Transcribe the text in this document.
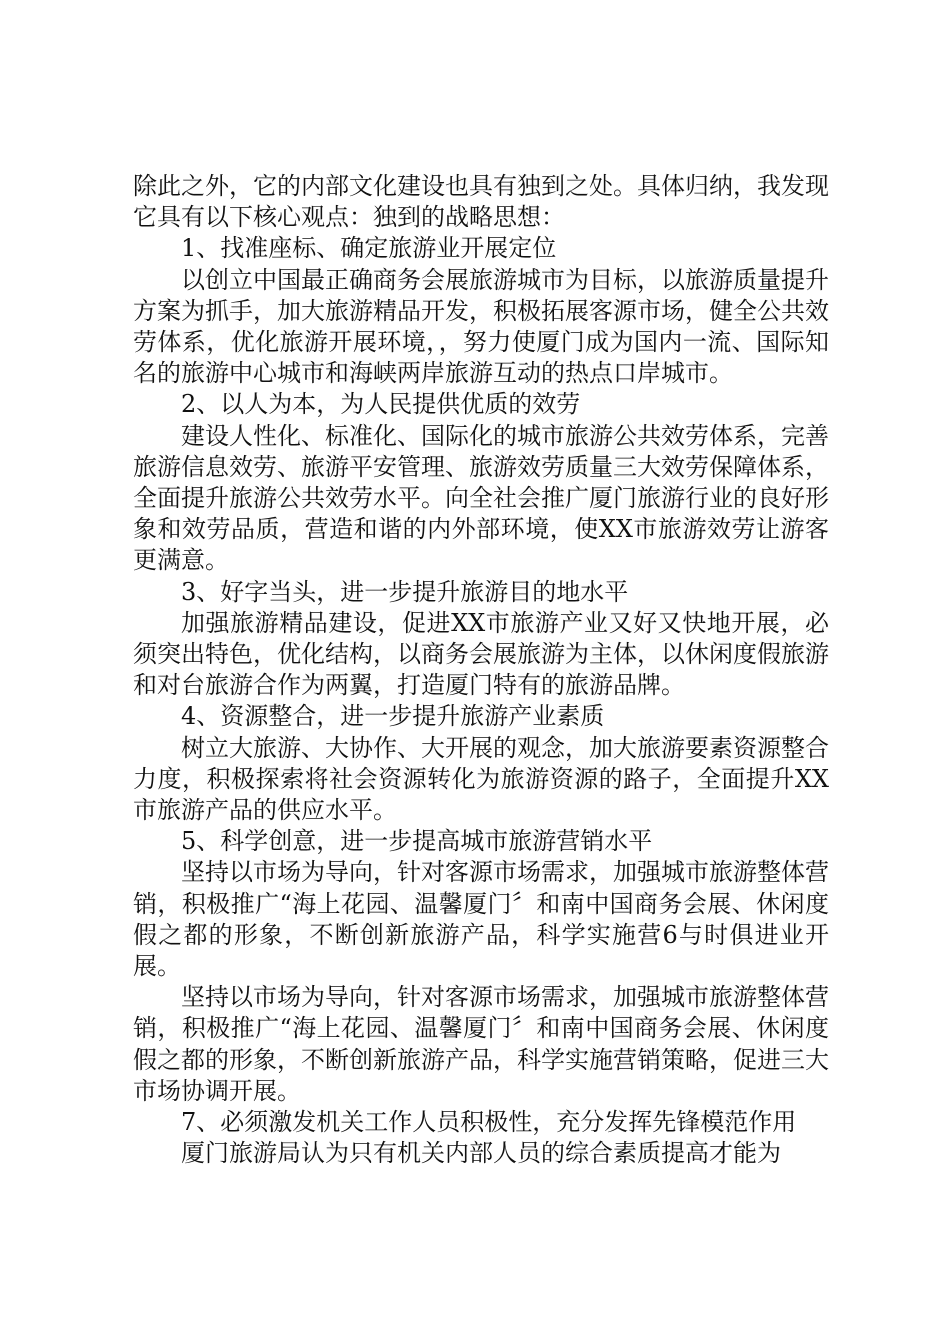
除此之外，它的内部文化建设也具有独到之处。具体归纳，我发现它具有以下核心观点：独到的战略思想：

1、找准座标、确定旅游业开展定位

以创立中国最正确商务会展旅游城市为目标，以旅游质量提升方案为抓手，加大旅游精品开发，积极拓展客源市场，健全公共效劳体系，优化旅游开展环境，，努力使厦门成为国内一流、国际知名的旅游中心城市和海峡两岸旅游互动的热点口岸城市。

2、以人为本，为人民提供优质的效劳

建设人性化、标准化、国际化的城市旅游公共效劳体系，完善旅游信息效劳、旅游平安管理、旅游效劳质量三大效劳保障体系，全面提升旅游公共效劳水平。向全社会推广厦门旅游行业的良好形象和效劳品质，营造和谐的内外部环境，使XX市旅游效劳让游客更满意。

3、好字当头，进一步提升旅游目的地水平

加强旅游精品建设，促进XX市旅游产业又好又快地开展，必须突出特色，优化结构，以商务会展旅游为主体，以休闲度假旅游和对台旅游合作为两翼，打造厦门特有的旅游品牌。

4、资源整合，进一步提升旅游产业素质

树立大旅游、大协作、大开展的观念，加大旅游要素资源整合力度，积极探索将社会资源转化为旅游资源的路子，全面提升XX市旅游产品的供应水平。

5、科学创意，进一步提高城市旅游营销水平

坚持以市场为导向，针对客源市场需求，加强城市旅游整体营销，积极推广“海上花园、温馨厦门〞和南中国商务会展、休闲度假之都的形象，不断创新旅游产品，科学实施营6与时俱进业开展。

坚持以市场为导向，针对客源市场需求，加强城市旅游整体营销，积极推广“海上花园、温馨厦门〞和南中国商务会展、休闲度假之都的形象，不断创新旅游产品，科学实施营销策略，促进三大市场协调开展。

7、必须激发机关工作人员积极性，充分发挥先锋模范作用

厦门旅游局认为只有机关内部人员的综合素质提高才能为
